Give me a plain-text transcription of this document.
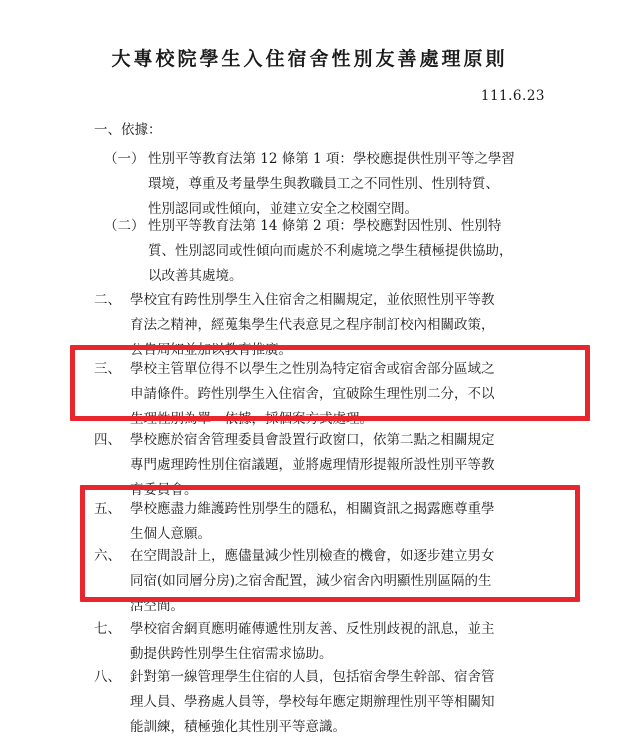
大專校院學生入住宿舍性別友善處理原則
111.6.23
一、依據：
（一） 性別平等教育法第 12 條第 1 項：學校應提供性別平等之學習
環境，尊重及考量學生與教職員工之不同性別、性別特質、
性別認同或性傾向，並建立安全之校園空間。
（二） 性別平等教育法第 14 條第 2 項：學校應對因性別、性別特
質、性別認同或性傾向而處於不利處境之學生積極提供協助，
以改善其處境。
二、 學校宜有跨性別學生入住宿舍之相關規定，並依照性別平等教
育法之精神，經蒐集學生代表意見之程序制訂校內相關政策，
公告周知並加以教育推廣。
三、 學校主管單位得不以學生之性別為特定宿舍或宿舍部分區域之
申請條件。跨性別學生入住宿舍，宜破除生理性別二分，不以
生理性別為單一依據，採個案方式處理。
四、 學校應於宿舍管理委員會設置行政窗口，依第二點之相關規定
專門處理跨性別住宿議題，並將處理情形提報所設性別平等教
育委員會。
五、 學校應盡力維護跨性別學生的隱私，相關資訊之揭露應尊重學
生個人意願。
六、 在空間設計上，應儘量減少性別檢查的機會，如逐步建立男女
同宿(如同層分房)之宿舍配置，減少宿舍內明顯性別區隔的生
活空間。
七、 學校宿舍網頁應明確傳遞性別友善、反性別歧視的訊息，並主
動提供跨性別學生住宿需求協助。
八、 針對第一線管理學生住宿的人員，包括宿舍學生幹部、宿舍管
理人員、學務處人員等，學校每年應定期辦理性別平等相關知
能訓練，積極強化其性別平等意識。
